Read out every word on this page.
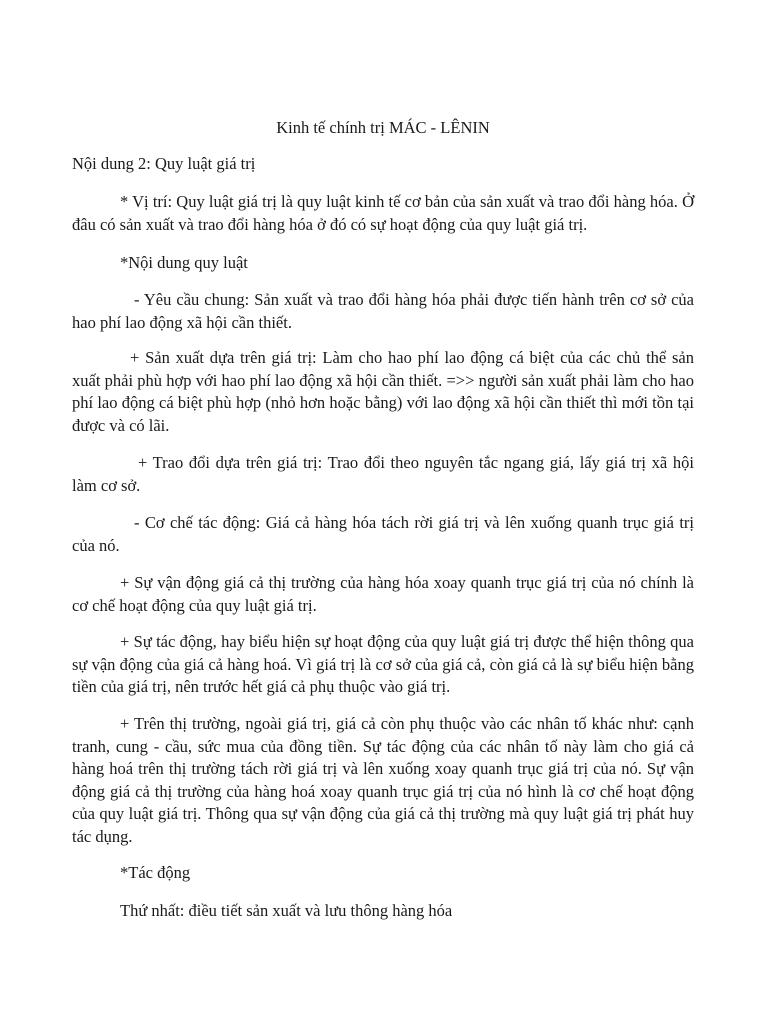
Kinh tế chính trị MÁC - LÊNIN
Nội dung 2: Quy luật giá trị
* Vị trí: Quy luật giá trị là quy luật kinh tế cơ bản của sản xuất và trao đổi hàng hóa. Ở đâu có sản xuất và trao đổi hàng hóa ở đó có sự hoạt động của quy luật giá trị.
*Nội dung quy luật
- Yêu cầu chung: Sản xuất và trao đổi hàng hóa phải được tiến hành trên cơ sở của hao phí lao động xã hội cần thiết.
+ Sản xuất dựa trên giá trị: Làm cho hao phí lao động cá biệt của các chủ thể sản xuất phải phù hợp với hao phí lao động xã hội cần thiết. =>> người sản xuất phải làm cho hao phí lao động cá biệt phù hợp (nhỏ hơn hoặc bằng) với lao động xã hội cần thiết thì mới tồn tại được và có lãi.
+ Trao đổi dựa trên giá trị: Trao đổi theo nguyên tắc ngang giá, lấy giá trị xã hội làm cơ sở.
- Cơ chế tác động: Giá cả hàng hóa tách rời giá trị và lên xuống quanh trục giá trị của nó.
+ Sự vận động giá cả thị trường của hàng hóa xoay quanh trục giá trị của nó chính là cơ chế hoạt động của quy luật giá trị.
+ Sự tác động, hay biểu hiện sự hoạt động của quy luật giá trị được thể hiện thông qua sự vận động của giá cả hàng hoá. Vì giá trị là cơ sở của giá cả, còn giá cả là sự biểu hiện bằng tiền của giá trị, nên trước hết giá cả phụ thuộc vào giá trị.
+ Trên thị trường, ngoài giá trị, giá cả còn phụ thuộc vào các nhân tố khác như: cạnh tranh, cung - cầu, sức mua của đồng tiền. Sự tác động của các nhân tố này làm cho giá cả hàng hoá trên thị trường tách rời giá trị và lên xuống xoay quanh trục giá trị của nó. Sự vận động giá cả thị trường của hàng hoá xoay quanh trục giá trị của nó hình là cơ chế hoạt động của quy luật giá trị. Thông qua sự vận động của giá cả thị trường mà quy luật giá trị phát huy tác dụng.
*Tác động
Thứ nhất: điều tiết sản xuất và lưu thông hàng hóa
